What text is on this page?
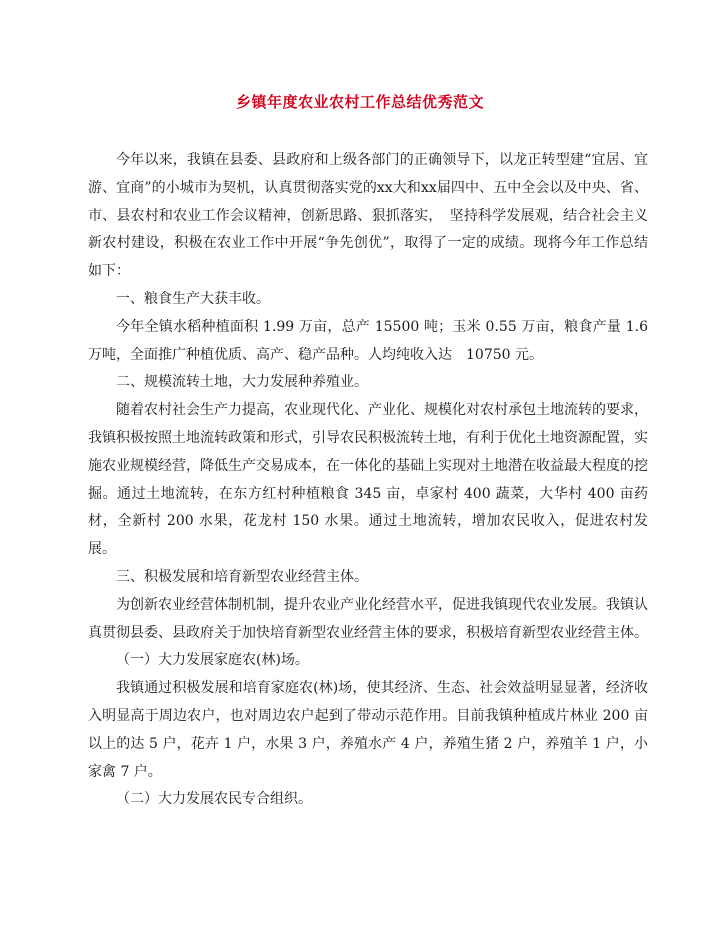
乡镇年度农业农村工作总结优秀范文

今年以来，我镇在县委、县政府和上级各部门的正确领导下，以龙正转型建“宜居、宜游、宜商”的小城市为契机，认真贯彻落实党的xx大和xx届四中、五中全会以及中央、省、市、县农村和农业工作会议精神，创新思路、狠抓落实，　坚持科学发展观，结合社会主义新农村建设，积极在农业工作中开展“争先创优”，取得了一定的成绩。现将今年工作总结如下：

一、粮食生产大获丰收。

今年全镇水稻种植面积 1.99 万亩，总产 15500 吨；玉米 0.55 万亩，粮食产量 1.6 万吨，全面推广种植优质、高产、稳产品种。人均纯收入达　10750 元。

二、规模流转土地，大力发展种养殖业。

随着农村社会生产力提高，农业现代化、产业化、规模化对农村承包土地流转的要求，我镇积极按照土地流转政策和形式，引导农民积极流转土地，有利于优化土地资源配置，实施农业规模经营，降低生产交易成本，在一体化的基础上实现对土地潜在收益最大程度的挖掘。通过土地流转，在东方红村种植粮食 345 亩，卓家村 400 蔬菜，大华村 400 亩药材，全新村 200 水果，花龙村 150 水果。通过土地流转，增加农民收入，促进农村发展。

三、积极发展和培育新型农业经营主体。

为创新农业经营体制机制，提升农业产业化经营水平，促进我镇现代农业发展。我镇认真贯彻县委、县政府关于加快培育新型农业经营主体的要求，积极培育新型农业经营主体。

（一）大力发展家庭农(林)场。

我镇通过积极发展和培育家庭农(林)场，使其经济、生态、社会效益明显显著，经济收入明显高于周边农户，也对周边农户起到了带动示范作用。目前我镇种植成片林业 200 亩以上的达 5 户，花卉 1 户，水果 3 户，养殖水产 4 户，养殖生猪 2 户，养殖羊 1 户，小家禽 7 户。

（二）大力发展农民专合组织。
